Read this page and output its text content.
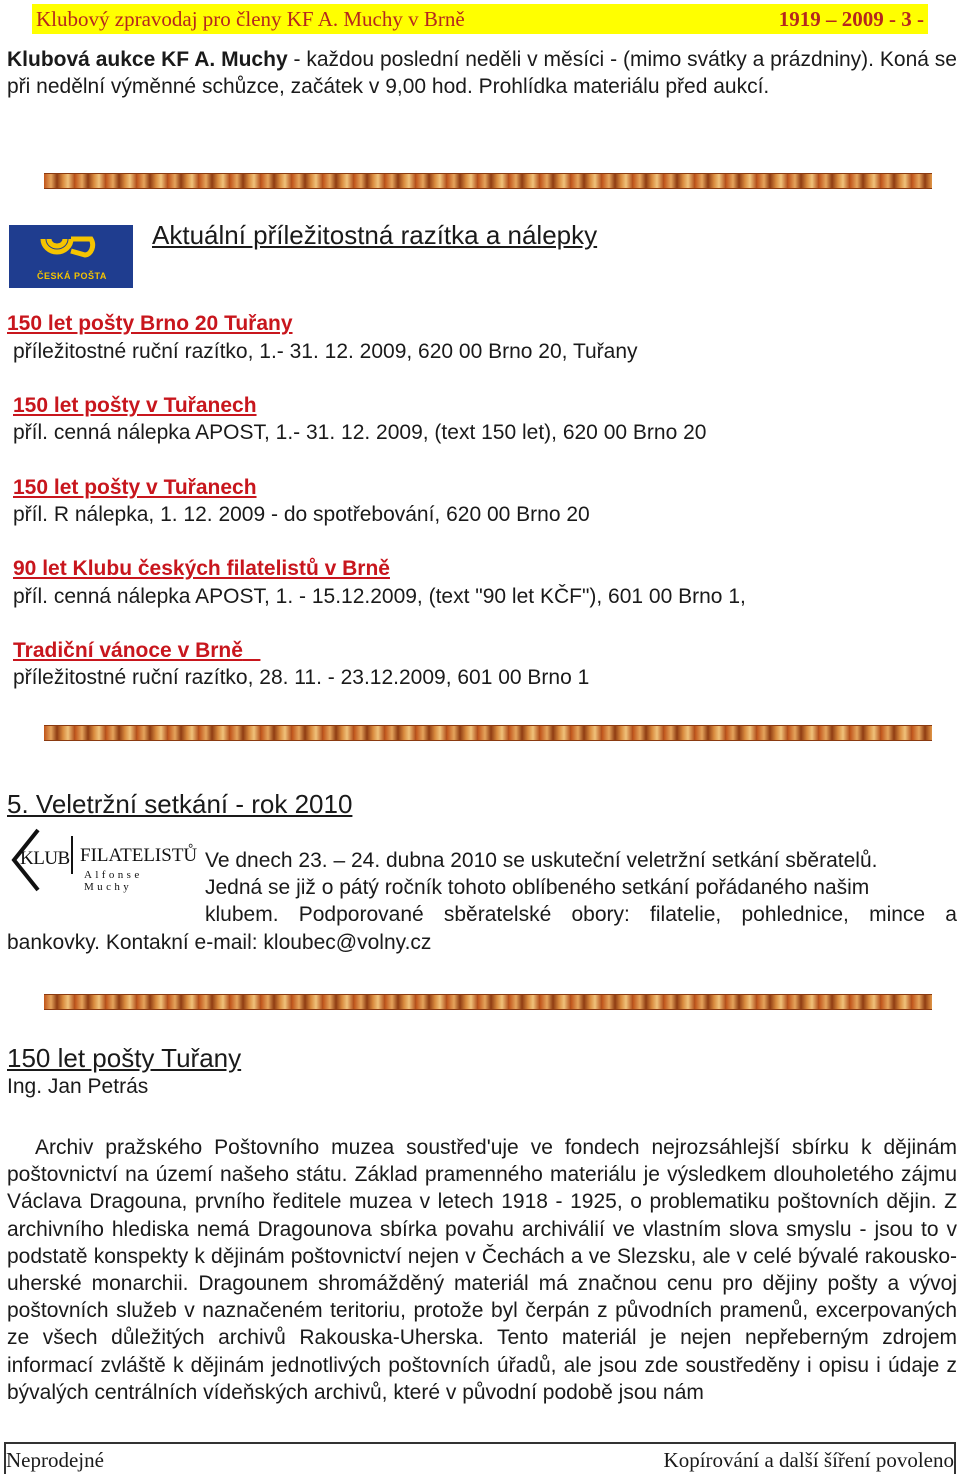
Klubový zpravodaj pro členy KF A. Muchy v Brně	1919 – 2009 - 3 -
Klubová aukce KF A. Muchy - každou poslední neděli v měsíci - (mimo svátky a prázdniny). Koná se při nedělní výměnné schůzce, začátek v 9,00 hod. Prohlídka materiálu před aukcí.
ČESKÁ POŠTA
Aktuální příležitostná razítka a nálepky
150 let pošty Brno 20 Tuřany
příležitostné ruční razítko, 1.- 31. 12. 2009, 620 00 Brno 20, Tuřany
150 let pošty v Tuřanech
příl. cenná nálepka APOST, 1.- 31. 12. 2009, (text 150 let), 620 00 Brno 20
150 let pošty v Tuřanech
příl. R nálepka, 1. 12. 2009 - do spotřebování, 620 00 Brno 20
90 let Klubu českých filatelistů v Brně
příl. cenná nálepka APOST, 1. - 15.12.2009, (text "90 let KČF"), 601 00 Brno 1,
Tradiční vánoce v Brně
příležitostné ruční razítko, 28. 11. - 23.12.2009, 601 00 Brno 1
5. Veletržní setkání - rok 2010
KLUB FILATELISTŮ
Alfonse Muchy
Ve dnech 23. – 24. dubna 2010 se uskuteční veletržní setkání sběratelů.
Jedná se již o pátý ročník tohoto oblíbeného setkání pořádaného našim
klubem. Podporované sběratelské obory: filatelie, pohlednice, mince a
bankovky. Kontakní e-mail: kloubec@volny.cz
150 let pošty Tuřany
Ing. Jan Petrás
Archiv pražského Poštovního muzea soustřed'uje ve fondech nejrozsáhlejší sbírku k dějinám poštovnictví na území našeho státu. Základ pramenného materiálu je výsledkem dlouholetého zájmu Václava Dragouna, prvního ředitele muzea v letech 1918 - 1925, o problematiku poštovních dějin. Z archivního hlediska nemá Dragounova sbírka povahu archiválií ve vlastním slova smyslu - jsou to v podstatě konspekty k dějinám poštovnictví nejen v Čechách a ve Slezsku, ale v celé bývalé rakousko-uherské monarchii. Dragounem shromážděný materiál má značnou cenu pro dějiny pošty a vývoj poštovních služeb v naznačeném teritoriu, protože byl čerpán z původních pramenů, excerpovaných ze všech důležitých archivů Rakouska-Uherska. Tento materiál je nejen nepřeberným zdrojem informací zvláště k dějinám jednotlivých poštovních úřadů, ale jsou zde soustředěny i opisu i údaje z bývalých centrálních vídeňských archivů, které v původní podobě jsou nám
Neprodejné	Kopírování a další šíření povoleno
